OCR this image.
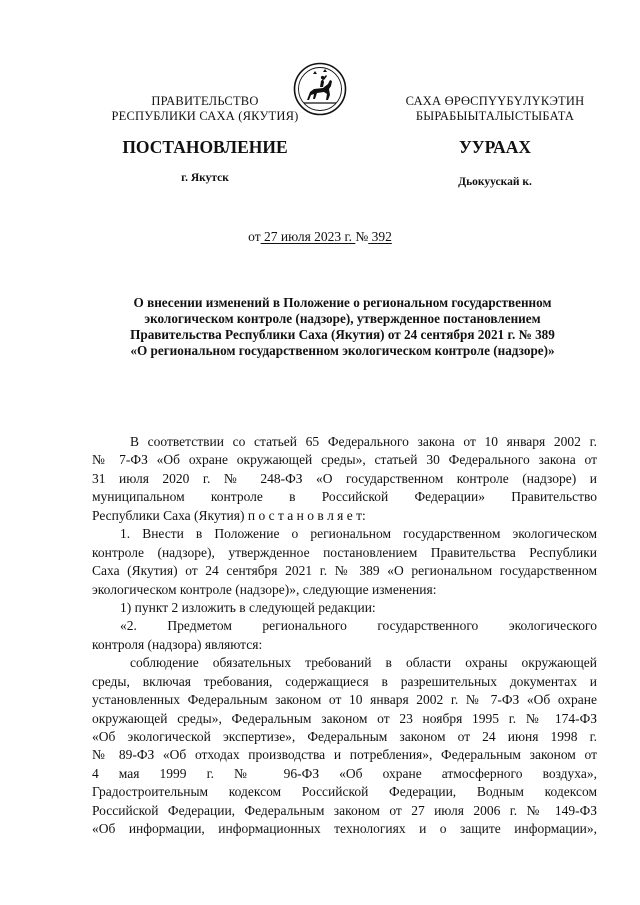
ПРАВИТЕЛЬСТВО
РЕСПУБЛИКИ САХА (ЯКУТИЯ)
САХА ӨРӨСПҮҮБҮЛҮКЭТИН
БЫРАБЫЫТАЛЫСТЫБАТА
ПОСТАНОВЛЕНИЕ	УУРААХ
г. Якутск	Дьокуускай к.
от 27 июля 2023 г. № 392
О внесении изменений в Положение о региональном государственном
экологическом контроле (надзоре), утвержденное постановлением
Правительства Республики Саха (Якутия) от 24 сентября 2021 г. № 389
«О региональном государственном экологическом контроле (надзоре)»
В соответствии со статьей 65 Федерального закона от 10 января 2002 г.
№ 7-ФЗ «Об охране окружающей среды», статьей 30 Федерального закона от
31 июля 2020 г. № 248-ФЗ «О государственном контроле (надзоре) и
муниципальном контроле в Российской Федерации» Правительство
Республики Саха (Якутия) п о с т а н о в л я е т:
1. Внести в Положение о региональном государственном экологическом
контроле (надзоре), утвержденное постановлением Правительства Республики
Саха (Якутия) от 24 сентября 2021 г. № 389 «О региональном государственном
экологическом контроле (надзоре)», следующие изменения:
1) пункт 2 изложить в следующей редакции:
«2. Предметом регионального государственного экологического
контроля (надзора) являются:
соблюдение обязательных требований в области охраны окружающей
среды, включая требования, содержащиеся в разрешительных документах и
установленных Федеральным законом от 10 января 2002 г. № 7-ФЗ «Об охране
окружающей среды», Федеральным законом от 23 ноября 1995 г. № 174-ФЗ
«Об экологической экспертизе», Федеральным законом от 24 июня 1998 г.
№ 89-ФЗ «Об отходах производства и потребления», Федеральным законом от
4 мая 1999 г. № 96-ФЗ «Об охране атмосферного воздуха»,
Градостроительным кодексом Российской Федерации, Водным кодексом
Российской Федерации, Федеральным законом от 27 июля 2006 г. № 149-ФЗ
«Об информации, информационных технологиях и о защите информации»,
